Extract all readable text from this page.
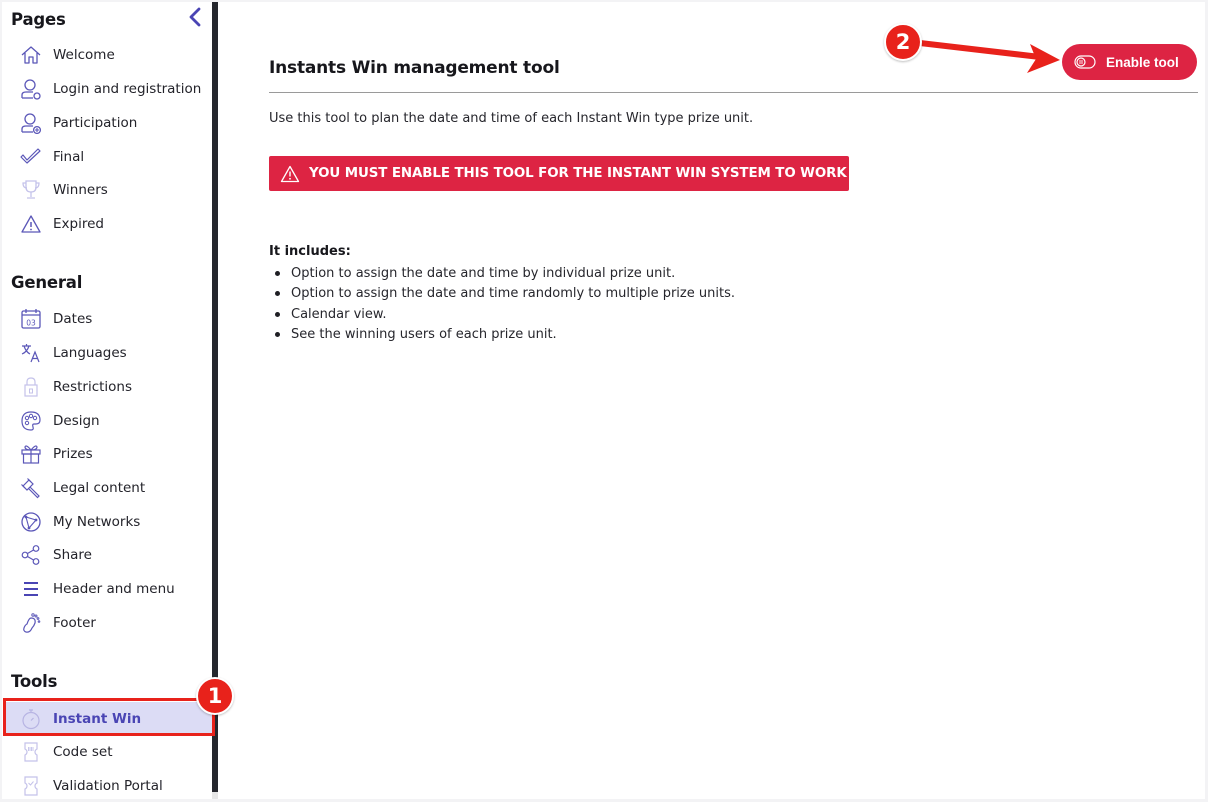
Pages
Welcome
Login and registration
Participation
Final
Winners
Expired
General
03 Dates
Languages
Restrictions
Design
Prizes
Legal content
My Networks
Share
Header and menu
Footer
Tools
Instant Win
Code set
Validation Portal
Instants Win management tool	Enable tool

Use this tool to plan the date and time of each Instant Win type prize unit.

YOU MUST ENABLE THIS TOOL FOR THE INSTANT WIN SYSTEM TO WORK
It includes:
Option to assign the date and time by individual prize unit.
Option to assign the date and time randomly to multiple prize units.
Calendar view.
See the winning users of each prize unit.
1
2
